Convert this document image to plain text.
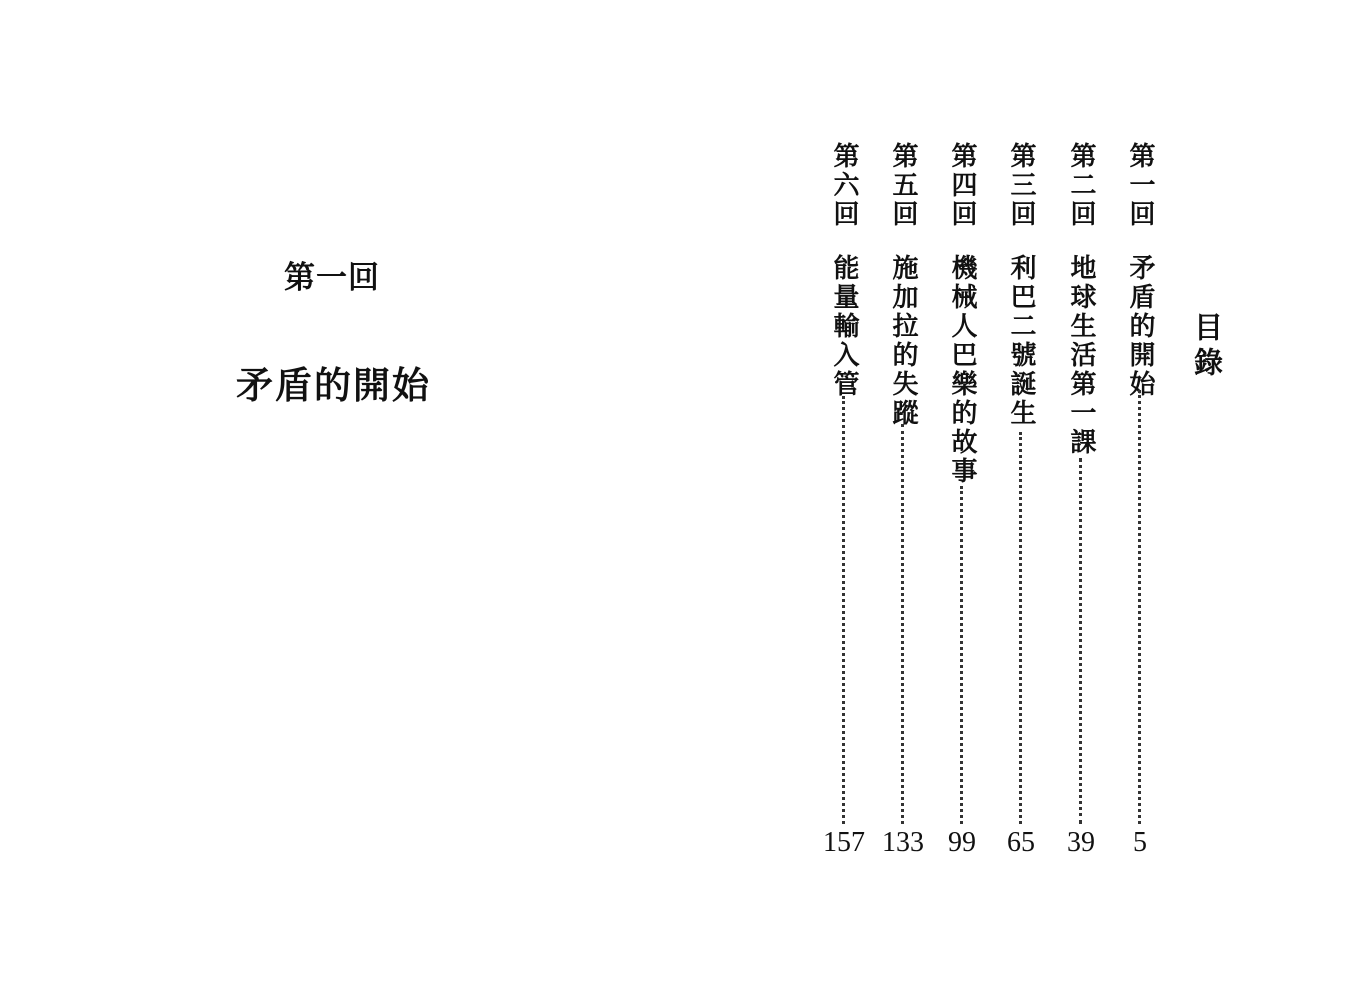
第一回
矛盾的開始
目錄
第一回
矛盾的開始
5
第二回
地球生活第一課
39
第三回
利巴二號誕生
65
第四回
機械人巴樂的故事
99
第五回
施加拉的失蹤
133
第六回
能量輸入管
157
